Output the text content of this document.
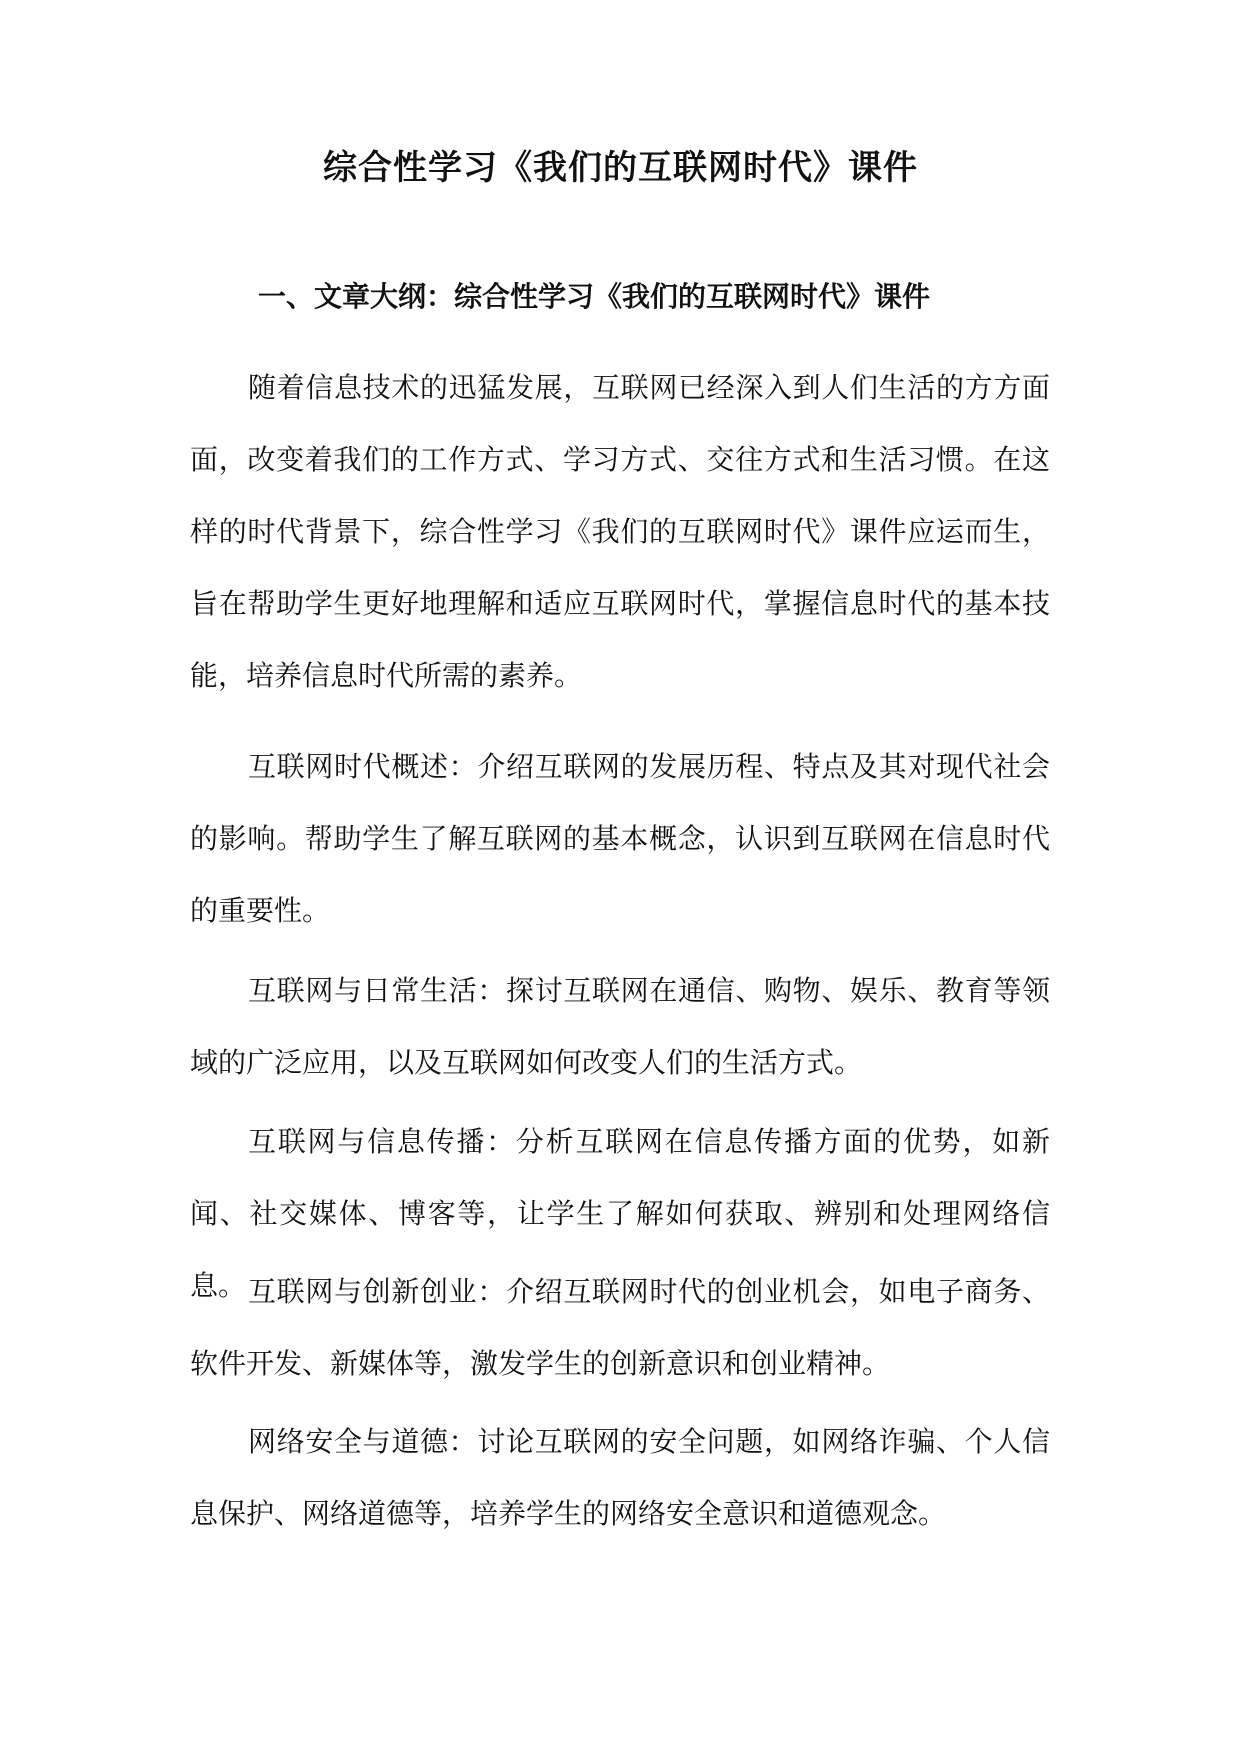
综合性学习《我们的互联网时代》课件
一、文章大纲：综合性学习《我们的互联网时代》课件

随着信息技术的迅猛发展，互联网已经深入到人们生活的方方面面，改变着我们的工作方式、学习方式、交往方式和生活习惯。在这样的时代背景下，综合性学习《我们的互联网时代》课件应运而生，旨在帮助学生更好地理解和适应互联网时代，掌握信息时代的基本技能，培养信息时代所需的素养。

互联网时代概述：介绍互联网的发展历程、特点及其对现代社会的影响。帮助学生了解互联网的基本概念，认识到互联网在信息时代的重要性。

互联网与日常生活：探讨互联网在通信、购物、娱乐、教育等领域的广泛应用，以及互联网如何改变人们的生活方式。

互联网与信息传播：分析互联网在信息传播方面的优势，如新闻、社交媒体、博客等，让学生了解如何获取、辨别和处理网络信息。 互联网与创新创业：介绍互联网时代的创业机会，如电子商务、软件开发、新媒体等，激发学生的创新意识和创业精神。

网络安全与道德：讨论互联网的安全问题，如网络诈骗、个人信息保护、网络道德等，培养学生的网络安全意识和道德观念。
